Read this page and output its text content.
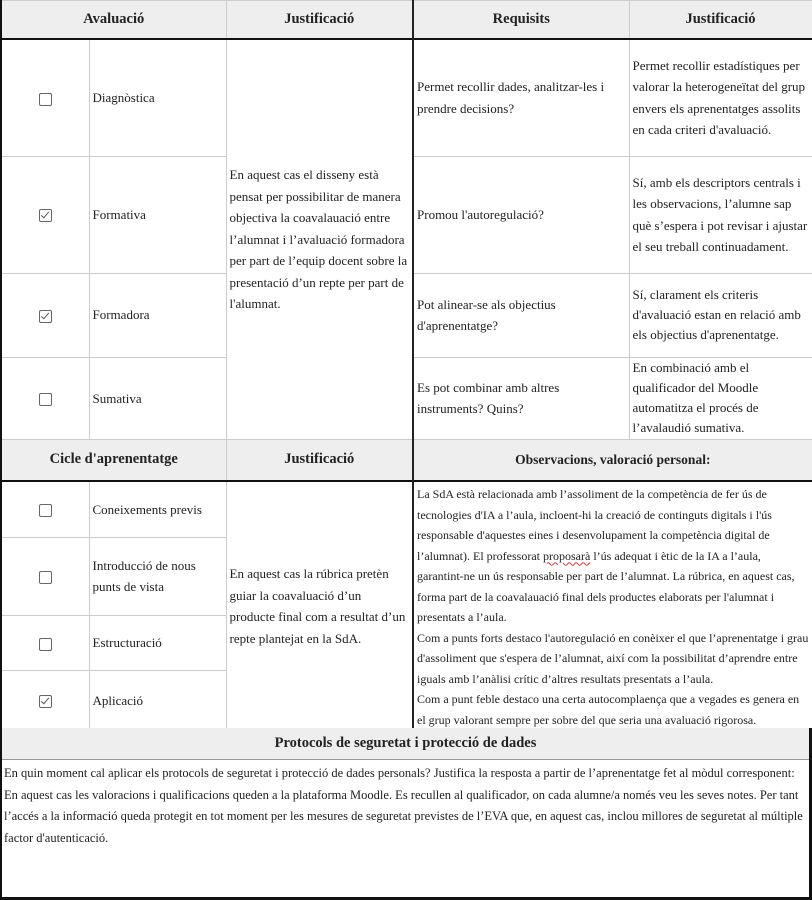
Avaluació		Justificació	Requisits	Justificació
	Diagnòstica	En aquest cas el disseny està pensat per possibilitar de manera objectiva la coavalauació entre l’alumnat i l’avaluació formadora per part de l’equip docent sobre la presentació d’un repte per part de l'alumnat.	Permet recollir dades, analitzar-les i prendre decisions?	Permet recollir estadístiques per valorar la heterogeneïtat del grup envers els aprenentatges assolits en cada criteri d'avaluació.
	Formativa		Promou l'autoregulació?	Sí, amb els descriptors centrals i les observacions, l’alumne sap què s’espera i pot revisar i ajustar el seu treball continuadament.
	Formadora		Pot alinear-se als objectius d'aprenentatge?	Sí, clarament els criteris d'avaluació estan en relació amb els objectius d'aprenentatge.
	Sumativa		Es pot combinar amb altres instruments? Quins?	En combinació amb el qualificador del Moodle automatitza el procés de l’avalaudió sumativa.
Cicle d'aprenentatge		Justificació	Observacions, valoració personal:
	Coneixements previs	En aquest cas la rúbrica pretèn guiar la coavaluació d’un producte final com a resultat d’un repte plantejat en la SdA.	La SdA està relacionada amb l’assoliment de la competència de fer ús de tecnologies d'IA a l’aula, incloent-hi la creació de continguts digitals i l'ús responsable d'aquestes eines i desenvolupament la competència digital de l’alumnat). El professorat proposarà l’ús adequat i ètic de la IA a l’aula, garantint-ne un ús responsable per part de l’alumnat. La rúbrica, en aquest cas, forma part de la coavalauació final dels productes elaborats per l'alumnat i presentats a l’aula.
Com a punts forts destaco l'autoregulació en conèixer el que l’aprenentatge i grau d'assoliment que s'espera de l’alumnat, així com la possibilitat d’aprendre entre iguals amb l’anàlisi crític d’altres resultats presentats a l’aula.
Com a punt feble destaco una certa autocomplaença que a vegades es genera en el grup valorant sempre per sobre del que seria una avaluació rigorosa.

	Introducció de nous punts de vista		
	Estructuració		
	Aplicació		
Protocols de seguretat i protecció de dades

En quin moment cal aplicar els protocols de seguretat i protecció de dades personals? Justifica la resposta a partir de l’aprenentatge fet al mòdul corresponent:
En aquest cas les valoracions i qualificacions queden a la plataforma Moodle. Es recullen al qualificador, on cada alumne/a només veu les seves notes. Per tant l’accés a la informació queda protegit en tot moment per les mesures de seguretat previstes de l’EVA que, en aquest cas, inclou millores de seguretat al múltiple factor d'autenticació.
